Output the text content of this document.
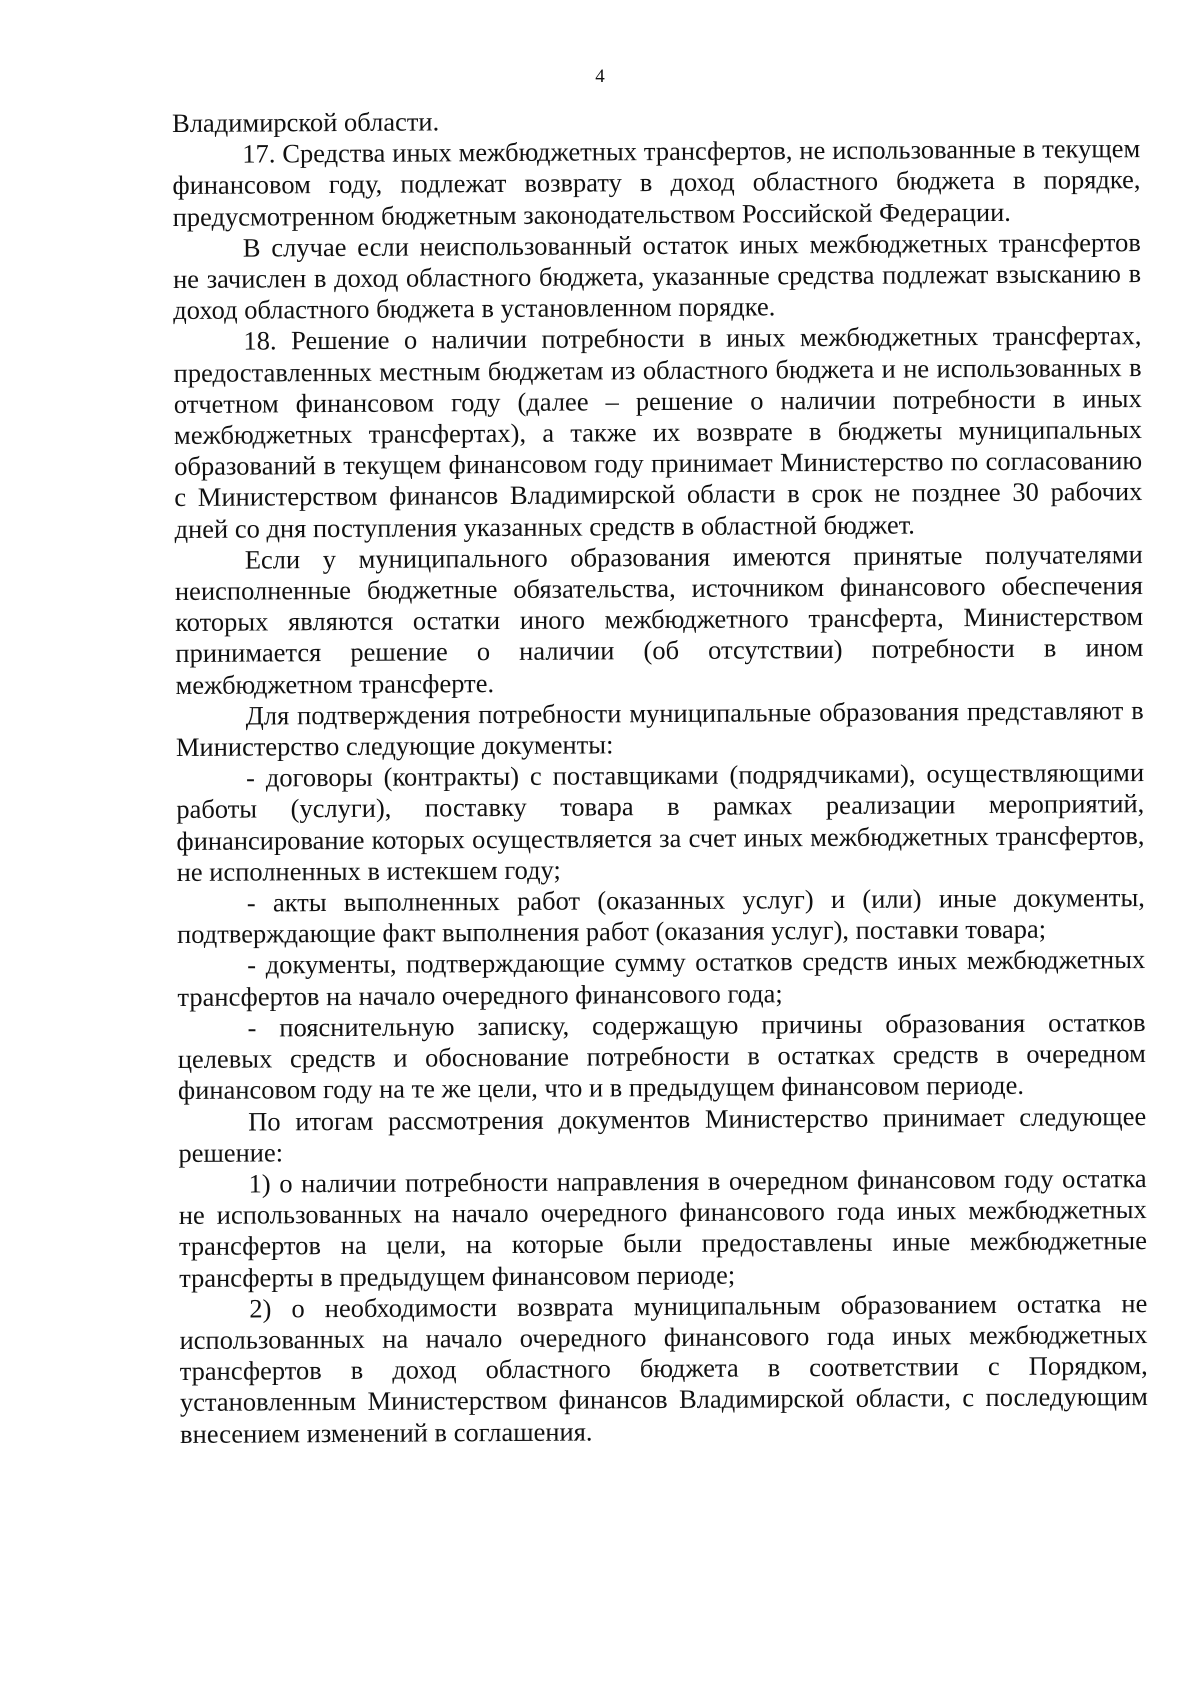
4

Владимирской области.

17. Средства иных межбюджетных трансфертов, не использованные в текущем финансовом году, подлежат возврату в доход областного бюджета в порядке, предусмотренном бюджетным законодательством Российской Федерации.

В случае если неиспользованный остаток иных межбюджетных трансфертов не зачислен в доход областного бюджета, указанные средства подлежат взысканию в доход областного бюджета в установленном порядке.

18. Решение о наличии потребности в иных межбюджетных трансфертах, предоставленных местным бюджетам из областного бюджета и не использованных в отчетном финансовом году (далее – решение о наличии потребности в иных межбюджетных трансфертах), а также их возврате в бюджеты муниципальных образований в текущем финансовом году принимает Министерство по согласованию с Министерством финансов Владимирской области в срок не позднее 30 рабочих дней со дня поступления указанных средств в областной бюджет.

Если у муниципального образования имеются принятые получателями неисполненные бюджетные обязательства, источником финансового обеспечения которых являются остатки иного межбюджетного трансферта, Министерством принимается решение о наличии (об отсутствии) потребности в ином межбюджетном трансферте.

Для подтверждения потребности муниципальные образования представляют в Министерство следующие документы:

- договоры (контракты) с поставщиками (подрядчиками), осуществляющими работы (услуги), поставку товара в рамках реализации мероприятий, финансирование которых осуществляется за счет иных межбюджетных трансфертов, не исполненных в истекшем году;

- акты выполненных работ (оказанных услуг) и (или) иные документы, подтверждающие факт выполнения работ (оказания услуг), поставки товара;

- документы, подтверждающие сумму остатков средств иных межбюджетных трансфертов на начало очередного финансового года;

- пояснительную записку, содержащую причины образования остатков целевых средств и обоснование потребности в остатках средств в очередном финансовом году на те же цели, что и в предыдущем финансовом периоде.

По итогам рассмотрения документов Министерство принимает следующее решение:

1) о наличии потребности направления в очередном финансовом году остатка не использованных на начало очередного финансового года иных межбюджетных трансфертов на цели, на которые были предоставлены иные межбюджетные трансферты в предыдущем финансовом периоде;

2) о необходимости возврата муниципальным образованием остатка не использованных на начало очередного финансового года иных межбюджетных трансфертов в доход областного бюджета в соответствии с Порядком, установленным Министерством финансов Владимирской области, с последующим внесением изменений в соглашения.
